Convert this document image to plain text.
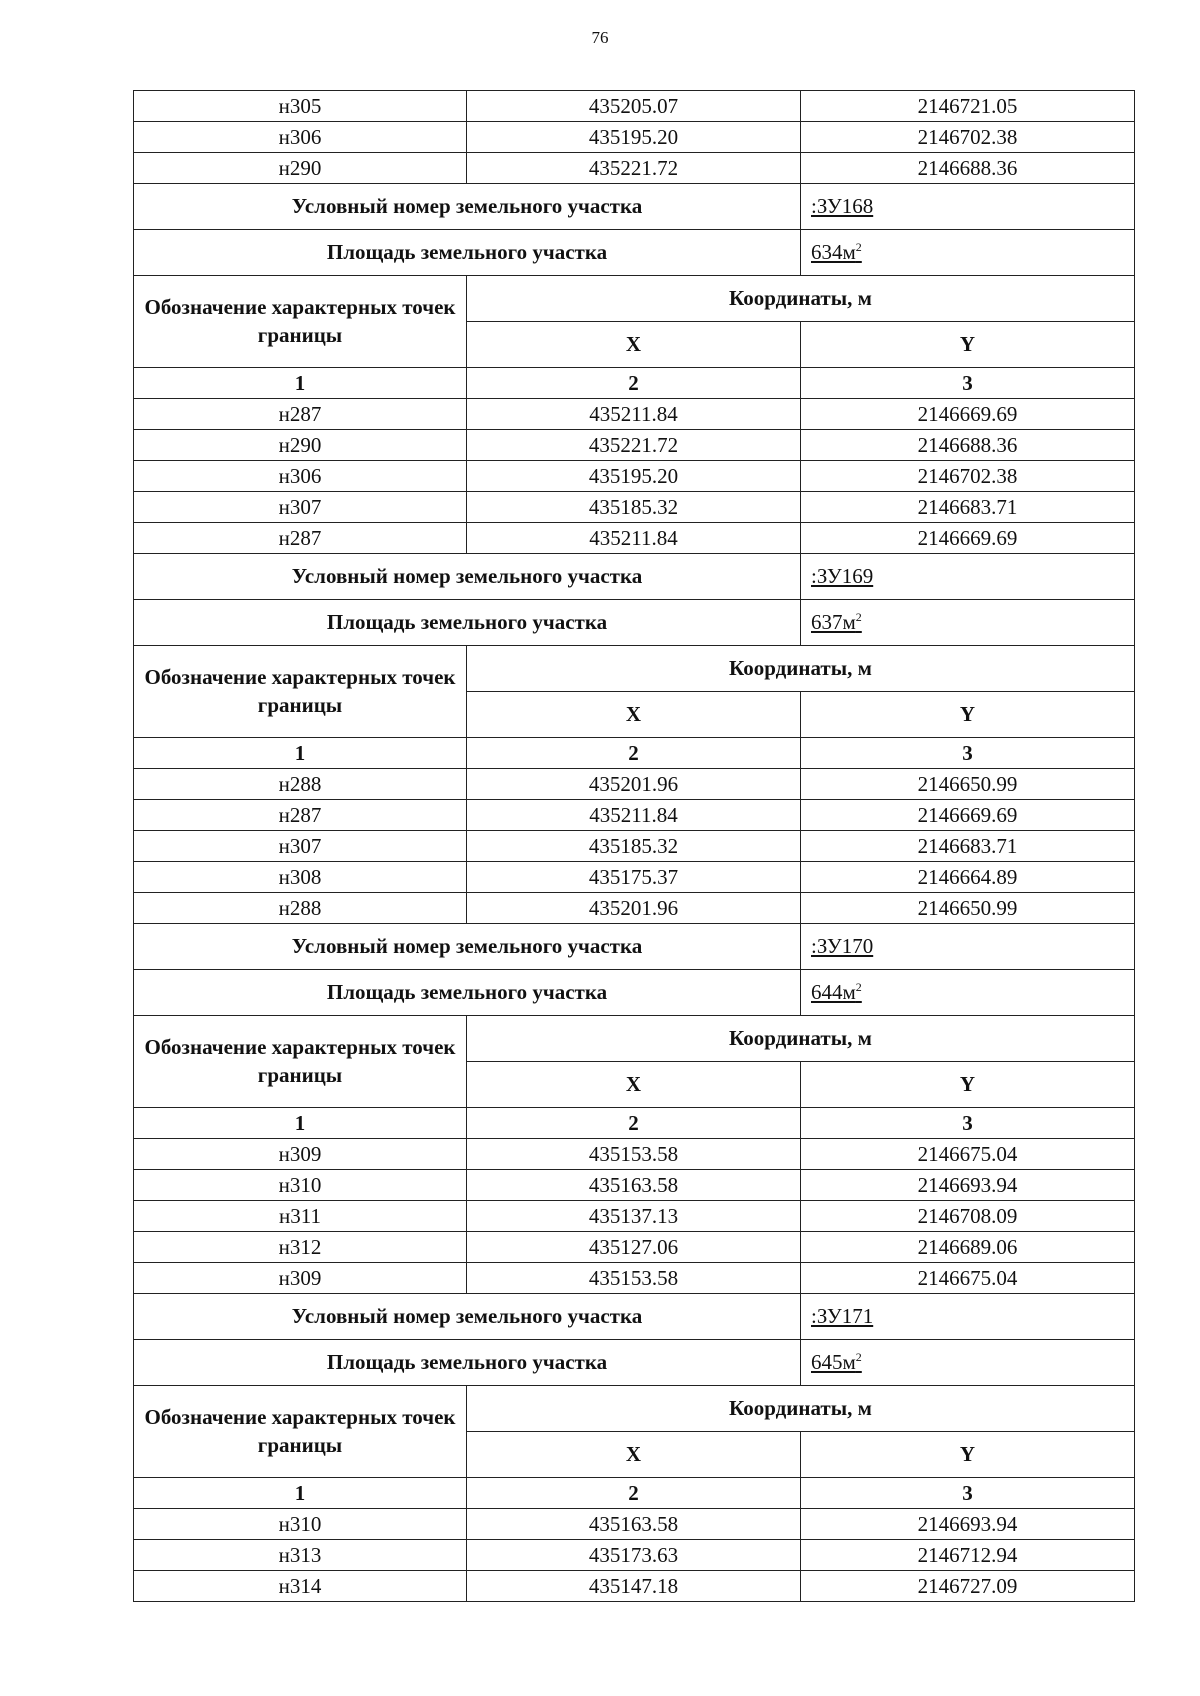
76
н305	435205.07	2146721.05
н306	435195.20	2146702.38
н290	435221.72	2146688.36
Условный номер земельного участка		:ЗУ168
Площадь земельного участка		$634м^2$
Обозначение характерных точек границы	Координаты, м	
	X	Y
1	2	3
н287	435211.84	2146669.69
н290	435221.72	2146688.36
н306	435195.20	2146702.38
н307	435185.32	2146683.71
н287	435211.84	2146669.69
Условный номер земельного участка		:ЗУ169
Площадь земельного участка		$637м^2$
Обозначение характерных точек границы	Координаты, м	
	X	Y
1	2	3
н288	435201.96	2146650.99
н287	435211.84	2146669.69
н307	435185.32	2146683.71
н308	435175.37	2146664.89
н288	435201.96	2146650.99
Условный номер земельного участка		:ЗУ170
Площадь земельного участка		$644м^2$
Обозначение характерных точек границы	Координаты, м	
	X	Y
1	2	3
н309	435153.58	2146675.04
н310	435163.58	2146693.94
н311	435137.13	2146708.09
н312	435127.06	2146689.06
н309	435153.58	2146675.04
Условный номер земельного участка		:ЗУ171
Площадь земельного участка		$645м^2$
Обозначение характерных точек границы	Координаты, м	
	X	Y
1	2	3
н310	435163.58	2146693.94
н313	435173.63	2146712.94
н314	435147.18	2146727.09
